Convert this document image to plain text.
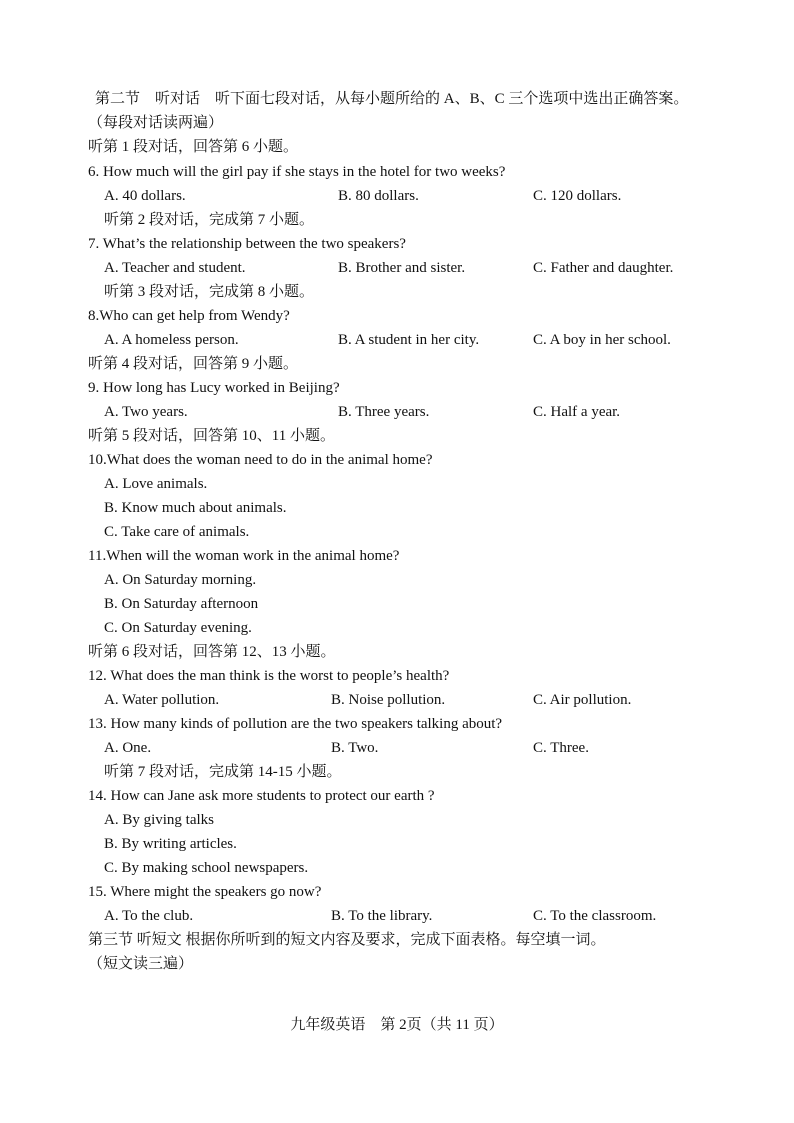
第二节　听对话　听下面七段对话，从每小题所给的 A、B、C 三个选项中选出正确答案。
（每段对话读两遍）
听第 1 段对话，回答第 6 小题。
6. How much will the girl pay if she stays in the hotel for two weeks?
A. 40 dollars.	B. 80 dollars.	C. 120 dollars.
听第 2 段对话，完成第 7 小题。
7. What’s the relationship between the two speakers?
A. Teacher and student.	B. Brother and sister.	C. Father and daughter.
听第 3 段对话，完成第 8 小题。
8.Who can get help from Wendy?
A. A homeless person.	B. A student in her city.	C. A boy in her school.
听第 4 段对话，回答第 9 小题。
9. How long has Lucy worked in Beijing?
A. Two years.	B. Three years.	C. Half a year.
听第 5 段对话，回答第 10、11 小题。
10.What does the woman need to do in the animal home?
A. Love animals.
B. Know much about animals.
C. Take care of animals.
11.When will the woman work in the animal home?
A. On Saturday morning.
B. On Saturday afternoon
C. On Saturday evening.
听第 6 段对话，回答第 12、13 小题。
12. What does the man think is the worst to people’s health?
A. Water pollution.	B. Noise pollution.	C. Air pollution.
13. How many kinds of pollution are the two speakers talking about?
A. One.	B. Two.	C. Three.
听第 7 段对话，完成第 14-15 小题。
14. How can Jane ask more students to protect our earth ?
A. By giving talks
B. By writing articles.
C. By making school newspapers.
15. Where might the speakers go now?
A. To the club.	B. To the library.	C. To the classroom.
第三节 听短文 根据你所听到的短文内容及要求，完成下面表格。每空填一词。
（短文读三遍）
九年级英语　第 2页（共 11 页）
